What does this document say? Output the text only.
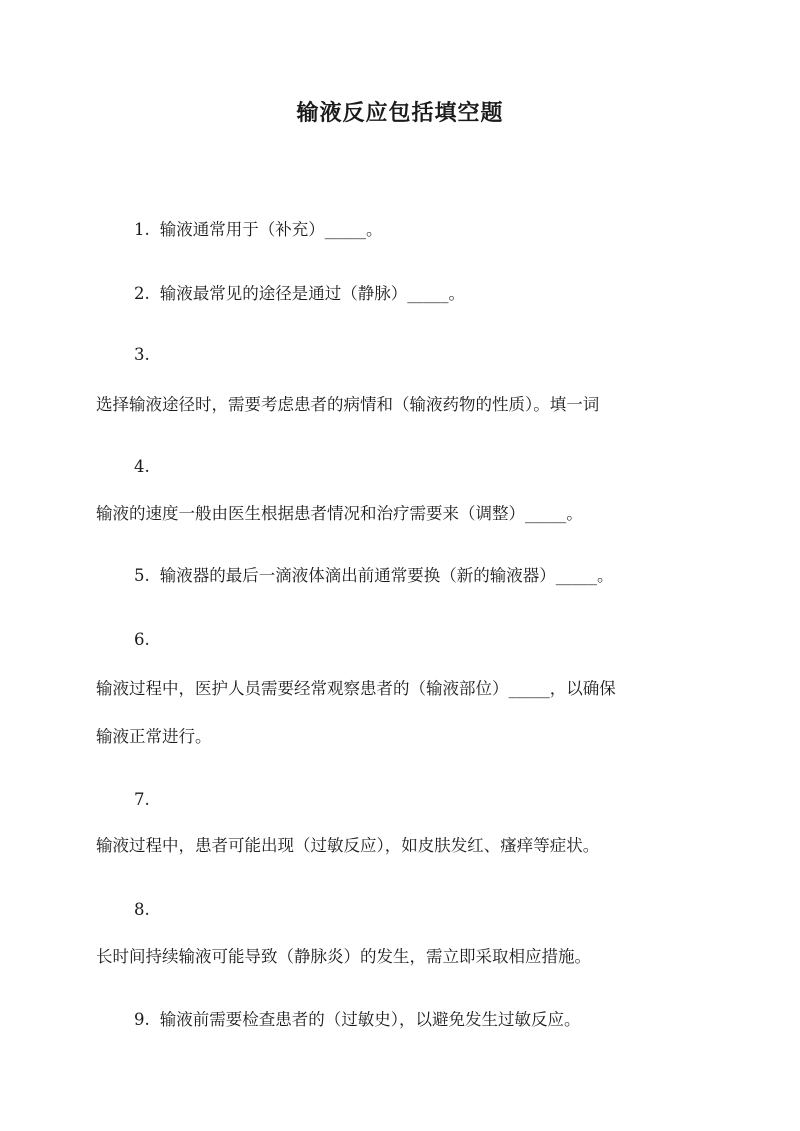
输液反应包括填空题
1. 输液通常用于（补充）_____。
2. 输液最常见的途径是通过（静脉）_____。
3.
选择输液途径时，需要考虑患者的病情和（输液药物的性质）。填一词
4.
输液的速度一般由医生根据患者情况和治疗需要来（调整）_____。
5. 输液器的最后一滴液体滴出前通常要换（新的输液器）_____。
6.
输液过程中，医护人员需要经常观察患者的（输液部位）_____，以确保
输液正常进行。
7.
输液过程中，患者可能出现（过敏反应），如皮肤发红、瘙痒等症状。
8.
长时间持续输液可能导致（静脉炎）的发生，需立即采取相应措施。
9. 输液前需要检查患者的（过敏史），以避免发生过敏反应。
